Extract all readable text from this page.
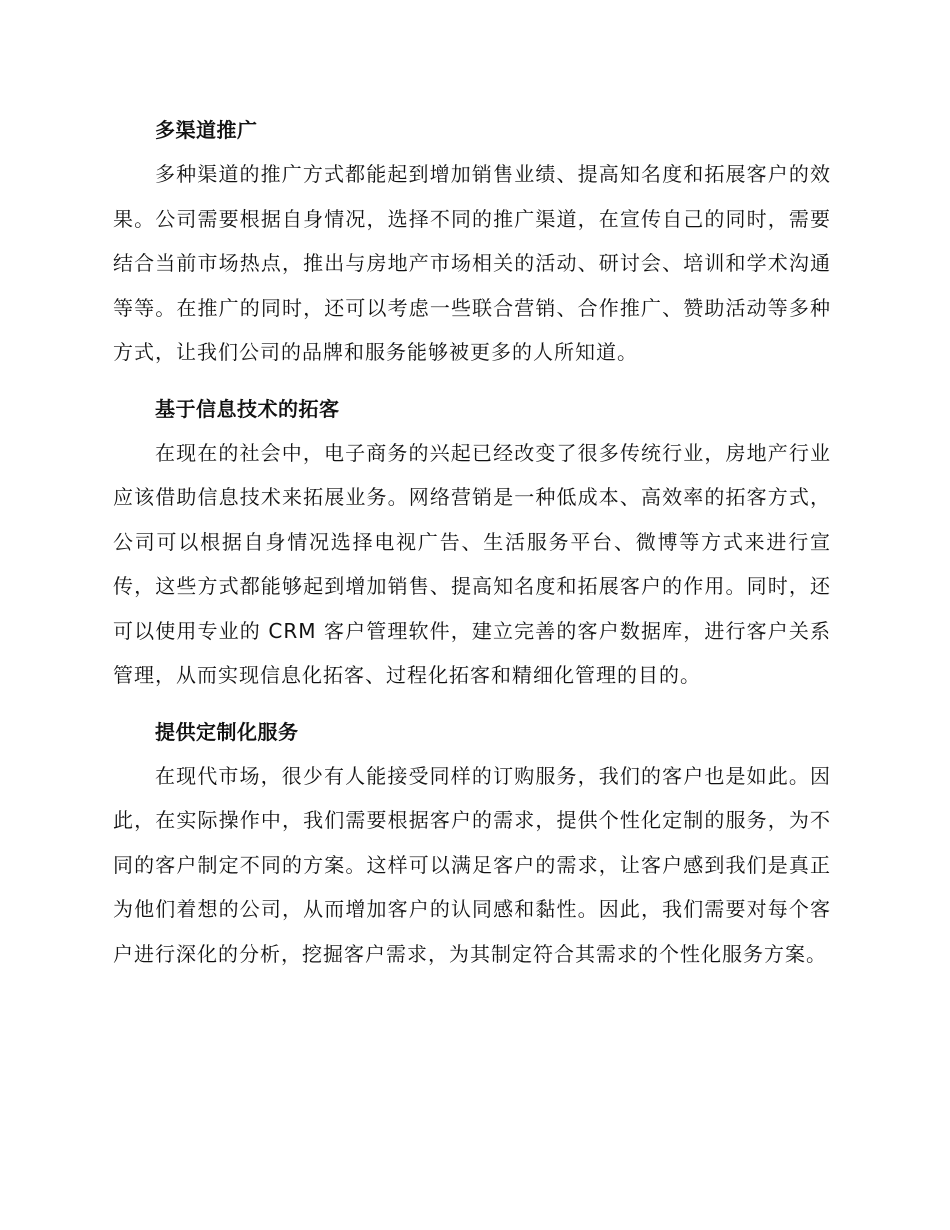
多渠道推广

多种渠道的推广方式都能起到增加销售业绩、提高知名度和拓展客户的效果。公司需要根据自身情况，选择不同的推广渠道，在宣传自己的同时，需要结合当前市场热点，推出与房地产市场相关的活动、研讨会、培训和学术沟通等等。在推广的同时，还可以考虑一些联合营销、合作推广、赞助活动等多种方式，让我们公司的品牌和服务能够被更多的人所知道。

基于信息技术的拓客

在现在的社会中，电子商务的兴起已经改变了很多传统行业，房地产行业应该借助信息技术来拓展业务。网络营销是一种低成本、高效率的拓客方式，公司可以根据自身情况选择电视广告、生活服务平台、微博等方式来进行宣传，这些方式都能够起到增加销售、提高知名度和拓展客户的作用。同时，还可以使用专业的 CRM 客户管理软件，建立完善的客户数据库，进行客户关系管理，从而实现信息化拓客、过程化拓客和精细化管理的目的。

提供定制化服务

在现代市场，很少有人能接受同样的订购服务，我们的客户也是如此。因此，在实际操作中，我们需要根据客户的需求，提供个性化定制的服务，为不同的客户制定不同的方案。这样可以满足客户的需求，让客户感到我们是真正为他们着想的公司，从而增加客户的认同感和黏性。因此，我们需要对每个客户进行深化的分析，挖掘客户需求，为其制定符合其需求的个性化服务方案。
